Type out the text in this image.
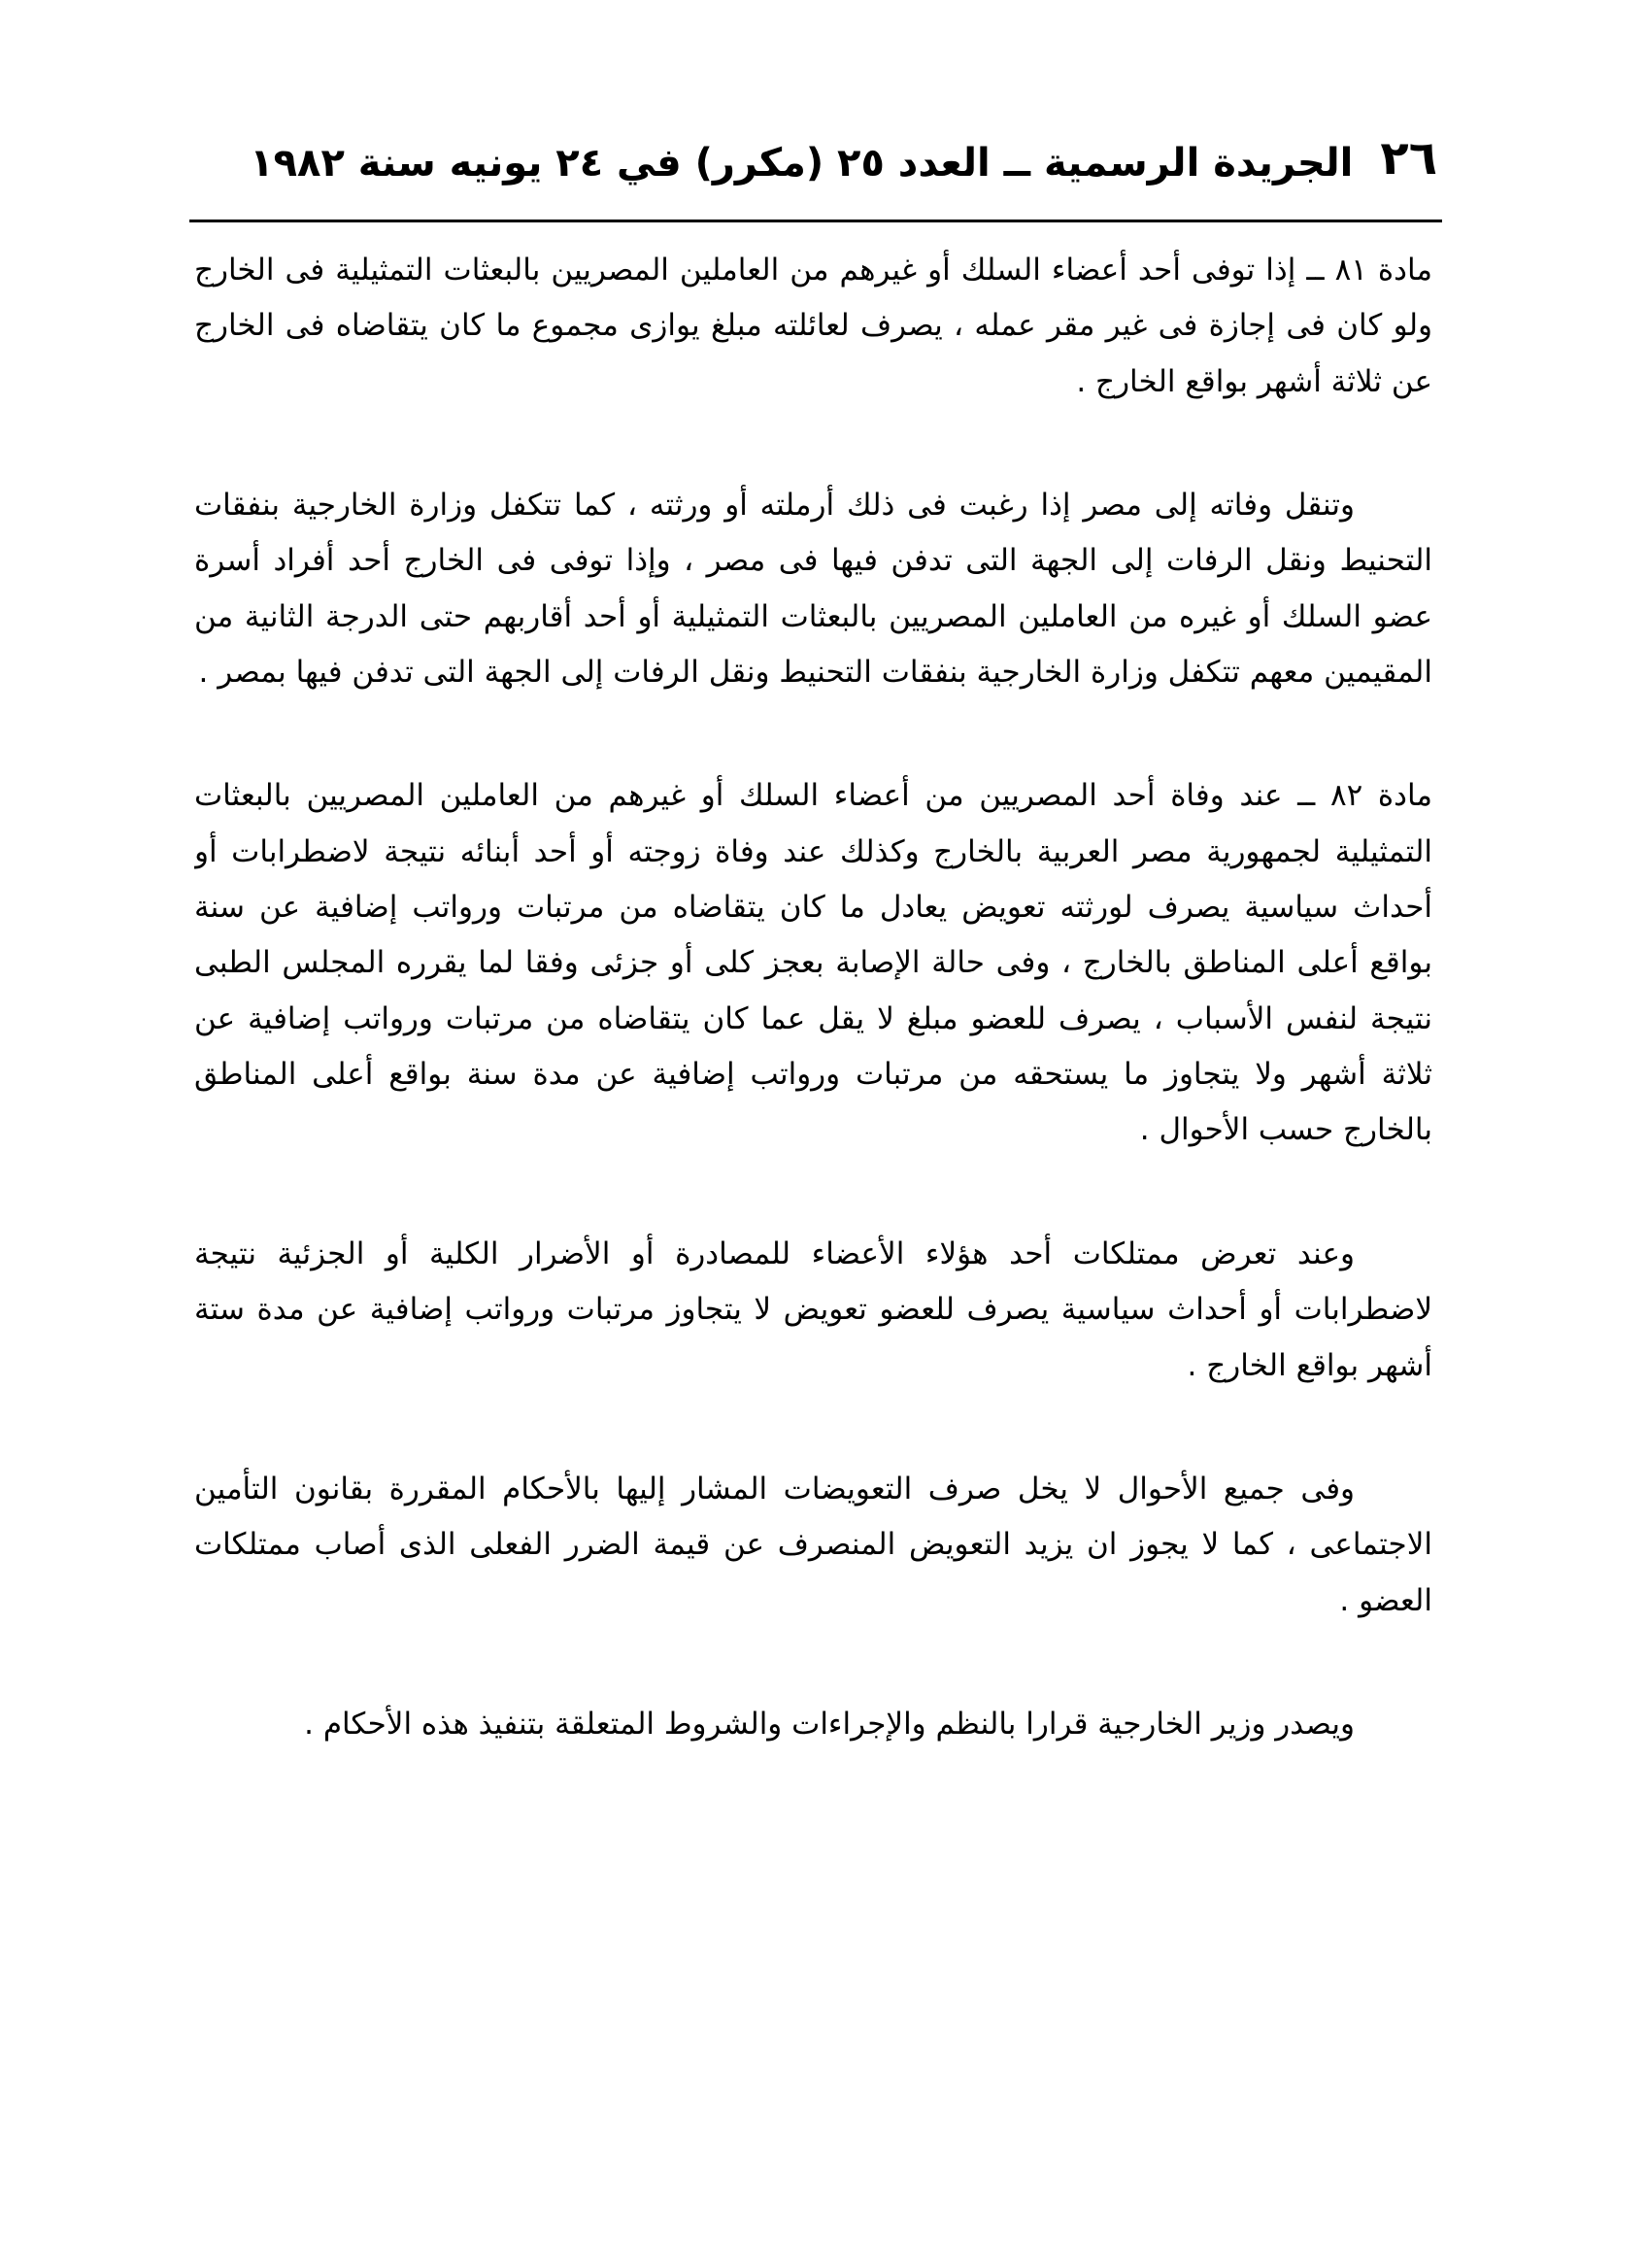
٢٦
الجريدة الرسمية ــ العدد ٢٥ (مكرر) في ٢٤ يونيه سنة ١٩٨٢

مادة ٨١ ــ إذا توفى أحد أعضاء السلك أو غيرهم من العاملين المصريين بالبعثات التمثيلية فى الخارج ولو كان فى إجازة فى غير مقر عمله ، يصرف لعائلته مبلغ يوازى مجموع ما كان يتقاضاه فى الخارج عن ثلاثة أشهر بواقع الخارج .

وتنقل وفاته إلى مصر إذا رغبت فى ذلك أرملته أو ورثته ، كما تتكفل وزارة الخارجية بنفقات التحنيط ونقل الرفات إلى الجهة التى تدفن فيها فى مصر ، وإذا توفى فى الخارج أحد أفراد أسرة عضو السلك أو غيره من العاملين المصريين بالبعثات التمثيلية أو أحد أقاربهم حتى الدرجة الثانية من المقيمين معهم تتكفل وزارة الخارجية بنفقات التحنيط ونقل الرفات إلى الجهة التى تدفن فيها بمصر .

مادة ٨٢ ــ عند وفاة أحد المصريين من أعضاء السلك أو غيرهم من العاملين المصريين بالبعثات التمثيلية لجمهورية مصر العربية بالخارج وكذلك عند وفاة زوجته أو أحد أبنائه نتيجة لاضطرابات أو أحداث سياسية يصرف لورثته تعويض يعادل ما كان يتقاضاه من مرتبات ورواتب إضافية عن سنة بواقع أعلى المناطق بالخارج ، وفى حالة الإصابة بعجز كلى أو جزئى وفقا لما يقرره المجلس الطبى نتيجة لنفس الأسباب ، يصرف للعضو مبلغ لا يقل عما كان يتقاضاه من مرتبات ورواتب إضافية عن ثلاثة أشهر ولا يتجاوز ما يستحقه من مرتبات ورواتب إضافية عن مدة سنة بواقع أعلى المناطق بالخارج حسب الأحوال .

وعند تعرض ممتلكات أحد هؤلاء الأعضاء للمصادرة أو الأضرار الكلية أو الجزئية نتيجة لاضطرابات أو أحداث سياسية يصرف للعضو تعويض لا يتجاوز مرتبات ورواتب إضافية عن مدة ستة أشهر بواقع الخارج .

وفى جميع الأحوال لا يخل صرف التعويضات المشار إليها بالأحكام المقررة بقانون التأمين الاجتماعى ، كما لا يجوز ان يزيد التعويض المنصرف عن قيمة الضرر الفعلى الذى أصاب ممتلكات العضو .

ويصدر وزير الخارجية قرارا بالنظم والإجراءات والشروط المتعلقة بتنفيذ هذه الأحكام .
